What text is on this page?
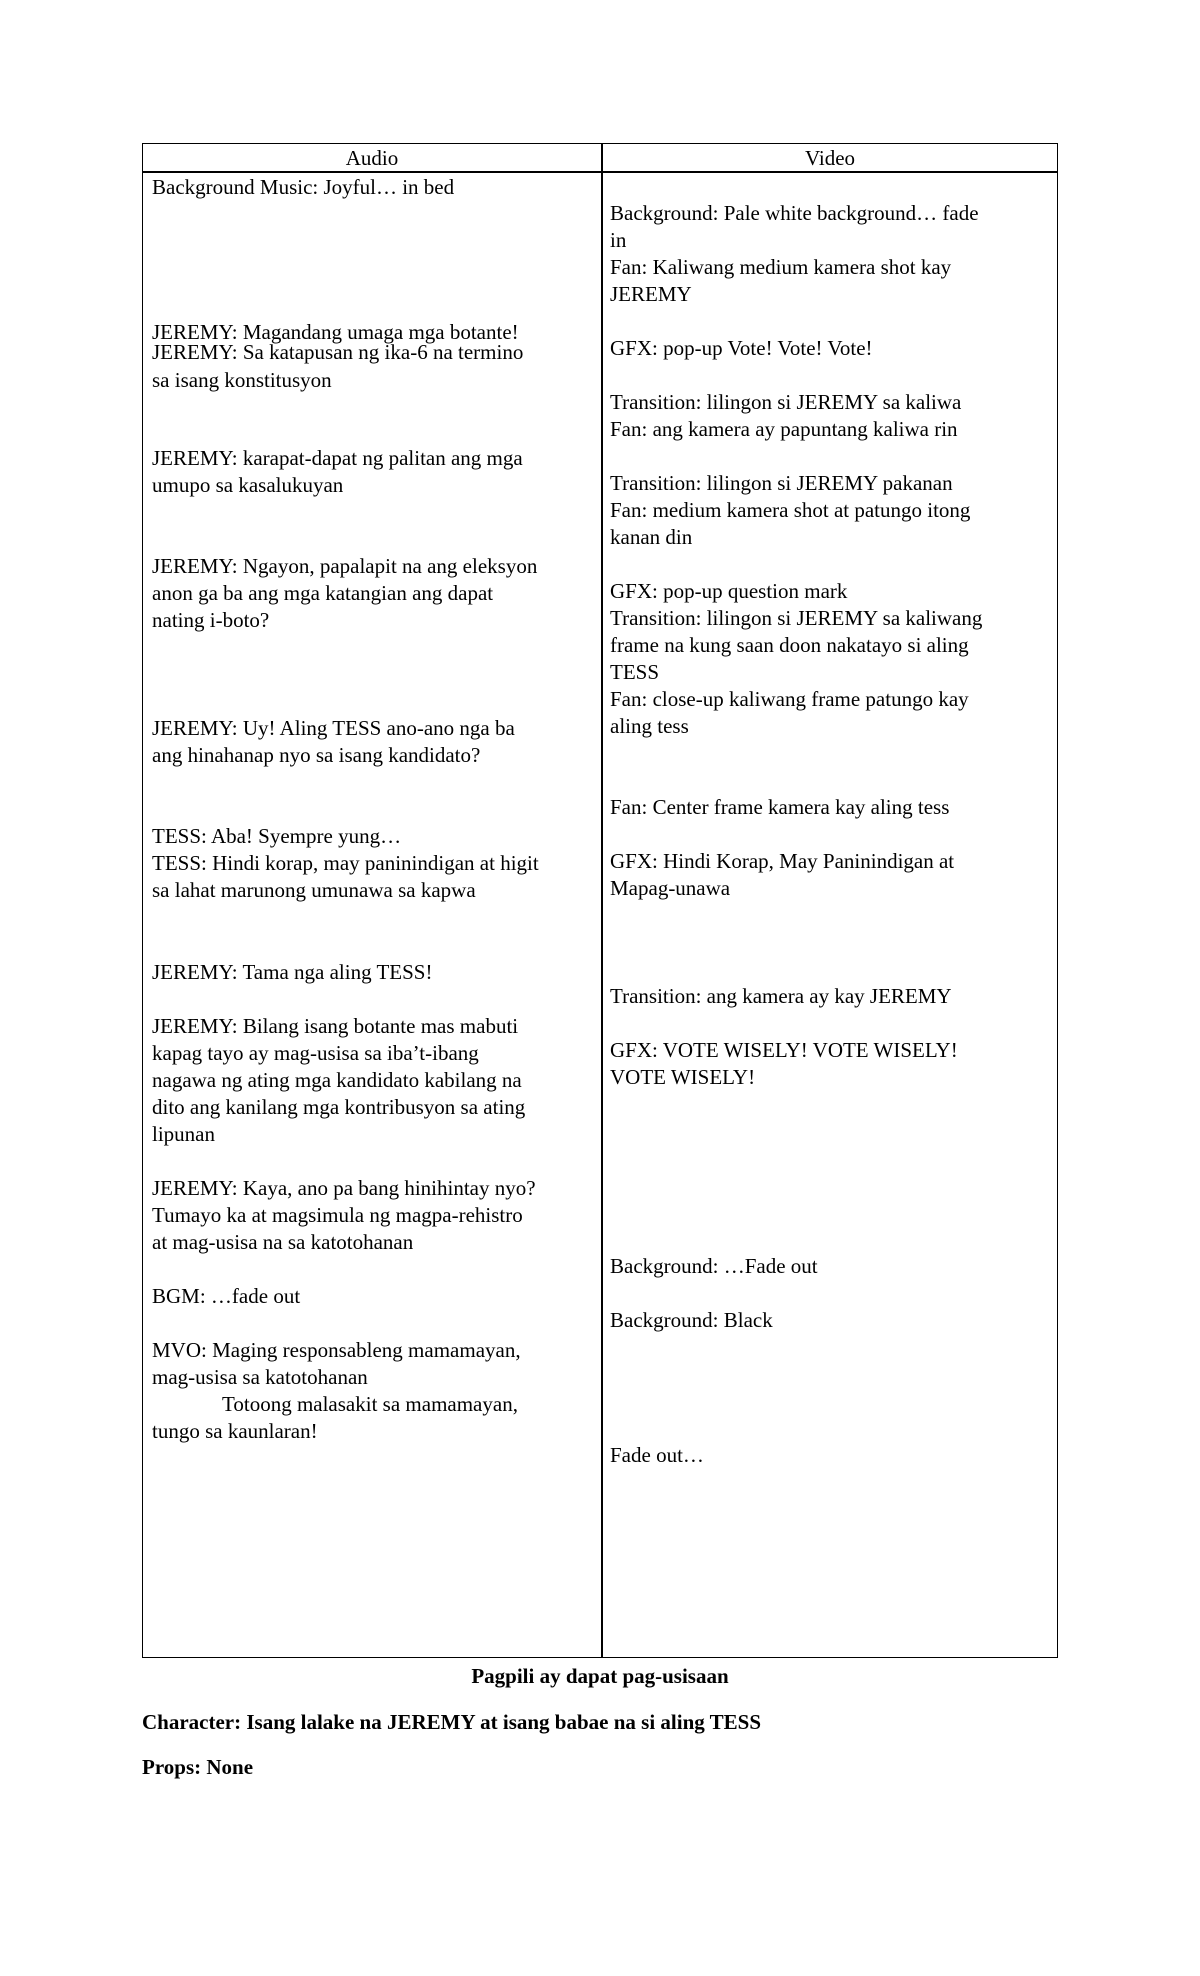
Audio	Video
Background Music: Joyful… in bed
JEREMY: Magandang umaga mga botante!
JEREMY: Sa katapusan ng ika-6 na termino
sa isang konstitusyon
JEREMY: karapat-dapat ng palitan ang mga
umupo sa kasalukuyan
JEREMY: Ngayon, papalapit na ang eleksyon
anon ga ba ang mga katangian ang dapat
nating i-boto?
JEREMY: Uy! Aling TESS ano-ano nga ba
ang hinahanap nyo sa isang kandidato?
TESS: Aba! Syempre yung…
TESS: Hindi korap, may paninindigan at higit
sa lahat marunong umunawa sa kapwa
JEREMY: Tama nga aling TESS!
JEREMY: Bilang isang botante mas mabuti
kapag tayo ay mag-usisa sa iba’t-ibang
nagawa ng ating mga kandidato kabilang na
dito ang kanilang mga kontribusyon sa ating
lipunan
JEREMY: Kaya, ano pa bang hinihintay nyo?
Tumayo ka at magsimula ng magpa-rehistro
at mag-usisa na sa katotohanan
BGM: …fade out
MVO: Maging responsableng mamamayan,
mag-usisa sa katotohanan
Totoong malasakit sa mamamayan,
tungo sa kaunlaran!
Background: Pale white background… fade
in
Fan: Kaliwang medium kamera shot kay
JEREMY
GFX: pop-up Vote! Vote! Vote!
Transition: lilingon si JEREMY sa kaliwa
Fan: ang kamera ay papuntang kaliwa rin
Transition: lilingon si JEREMY pakanan
Fan: medium kamera shot at patungo itong
kanan din
GFX: pop-up question mark
Transition: lilingon si JEREMY sa kaliwang
frame na kung saan doon nakatayo si aling
TESS
Fan: close-up kaliwang frame patungo kay
aling tess
Fan: Center frame kamera kay aling tess
GFX: Hindi Korap, May Paninindigan at
Mapag-unawa
Transition: ang kamera ay kay JEREMY
GFX: VOTE WISELY! VOTE WISELY!
VOTE WISELY!
Background: …Fade out
Background: Black
Fade out…
Pagpili ay dapat pag-usisaan
Character: Isang lalake na JEREMY at isang babae na si aling TESS
Props: None
